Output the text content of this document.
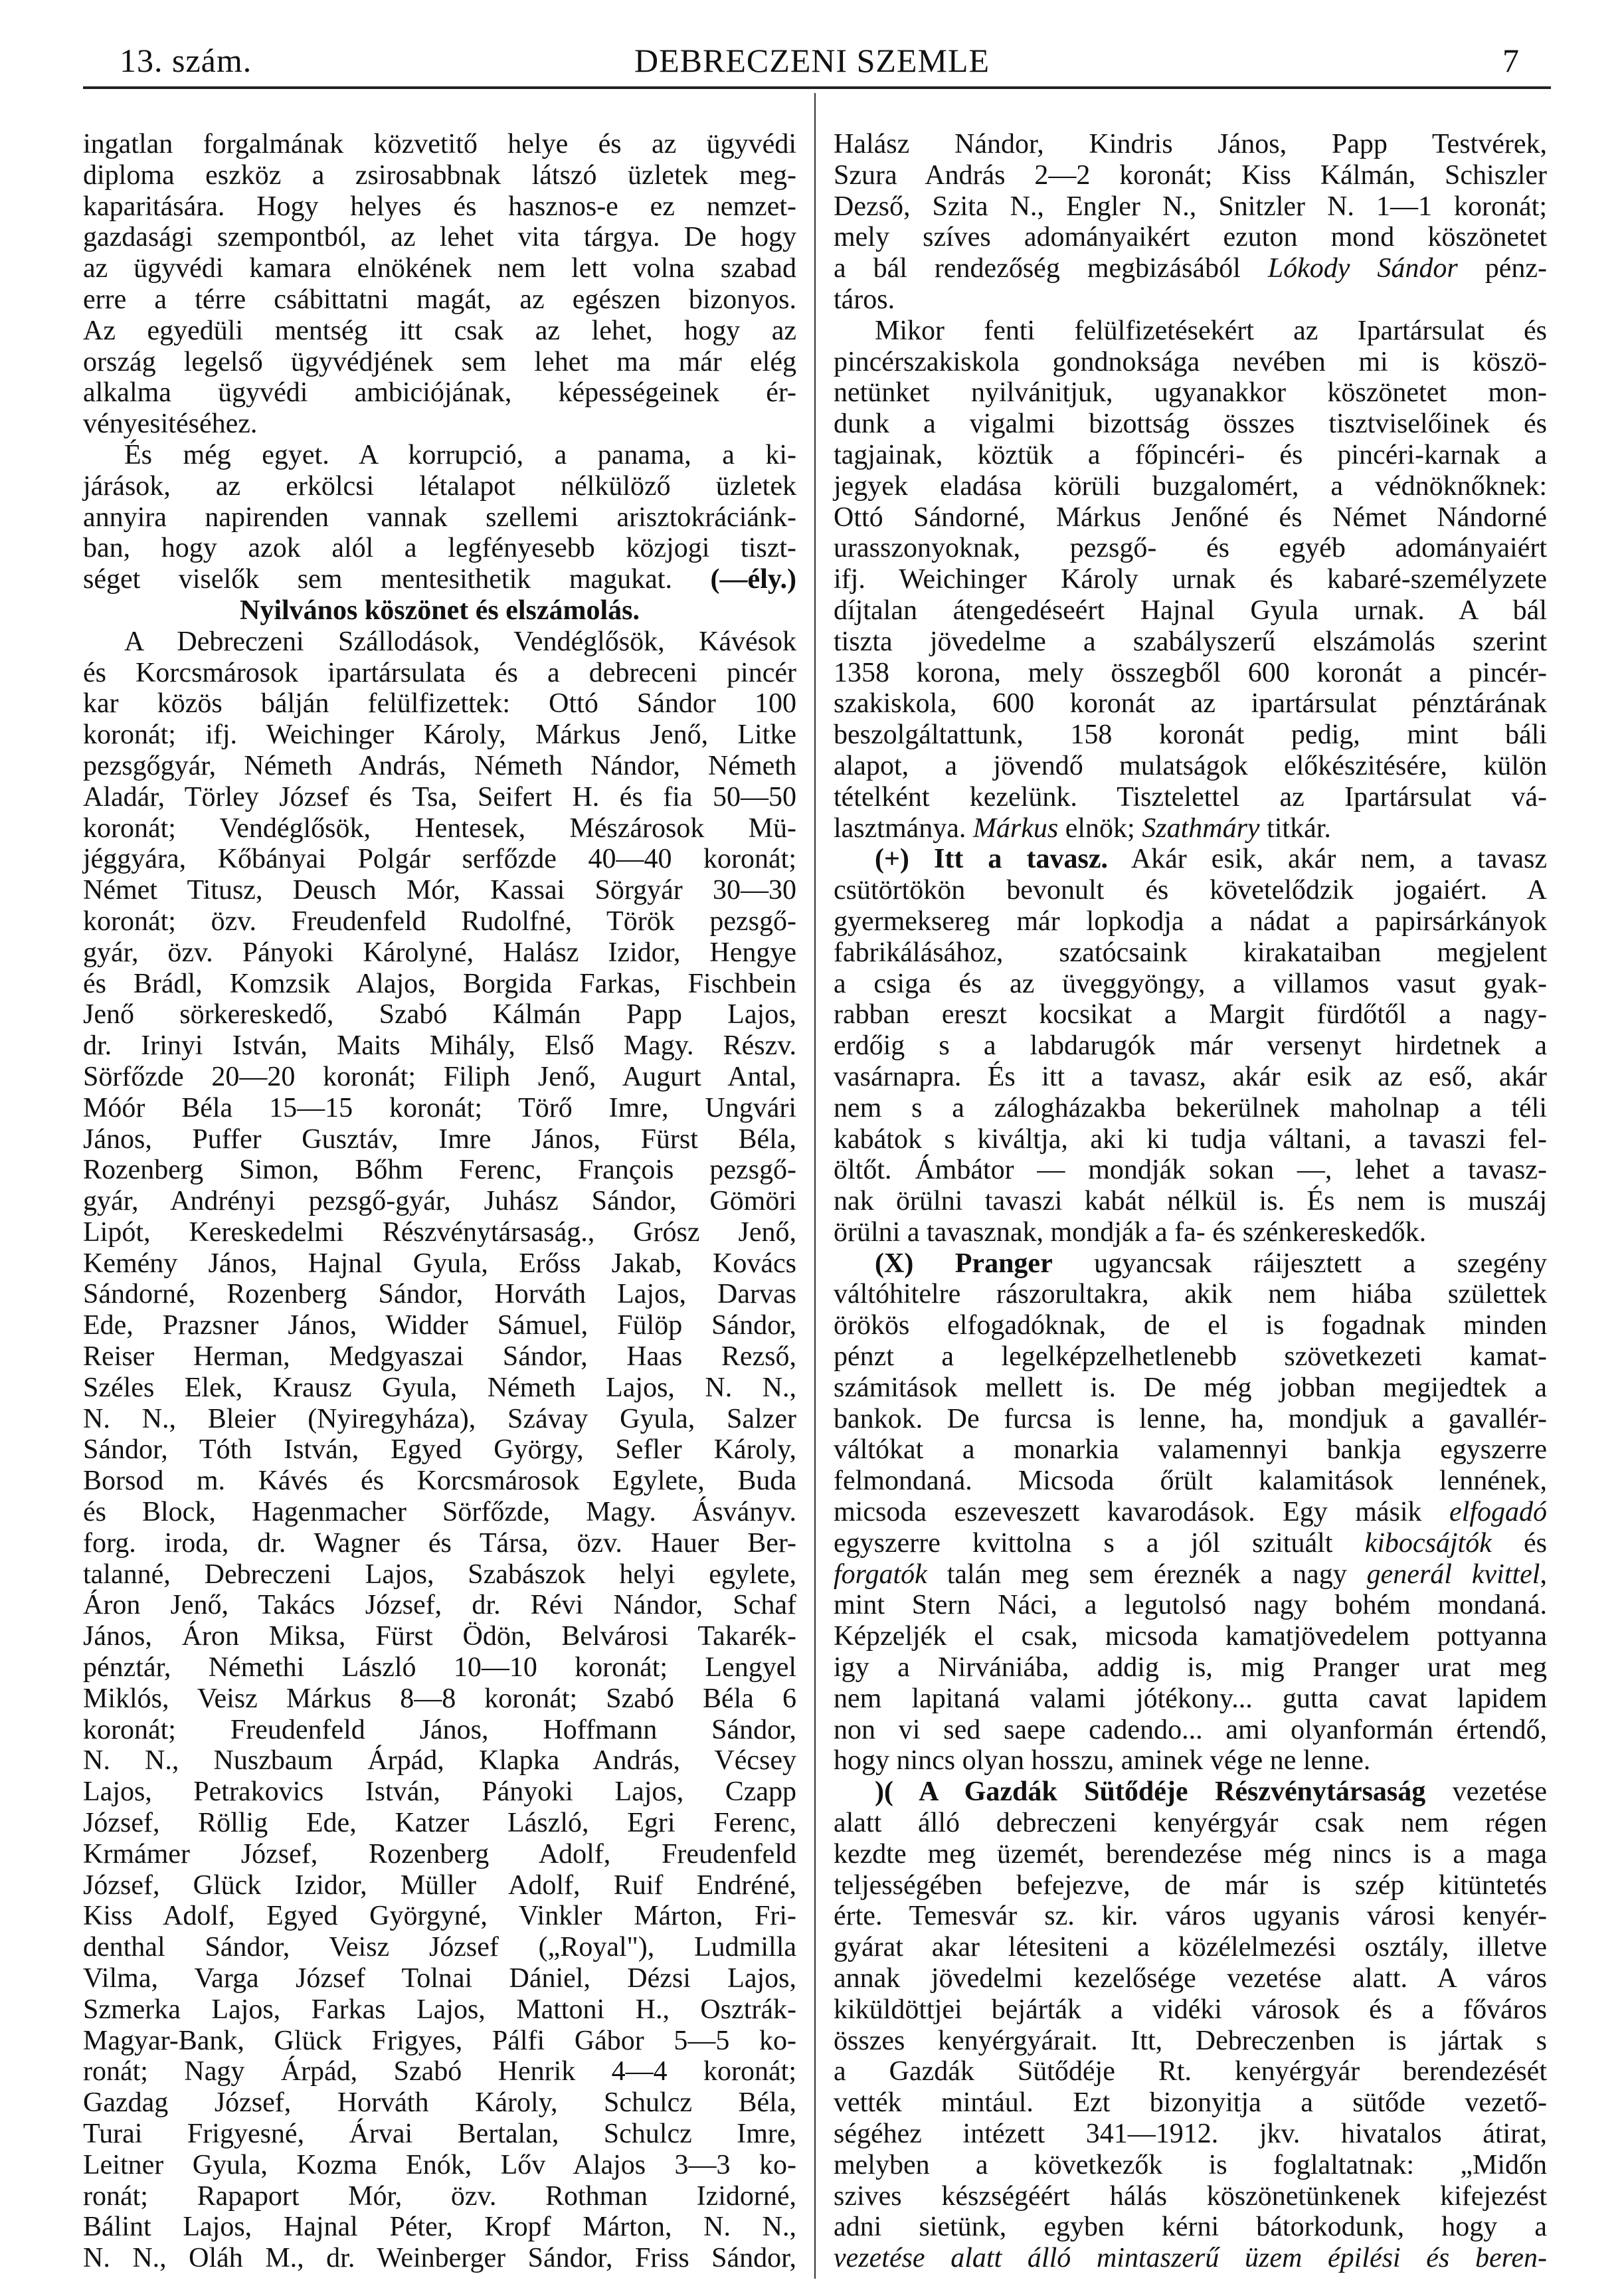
13. szám.	DEBRECZENI SZEMLE	7
ingatlan forgalmának közvetitő helye és az ügyvédi
diploma eszköz a zsirosabbnak látszó üzletek meg-
kaparitására. Hogy helyes és hasznos-e ez nemzet-
gazdasági szempontból, az lehet vita tárgya. De hogy
az ügyvédi kamara elnökének nem lett volna szabad
erre a térre csábittatni magát, az egészen bizonyos.
Az egyedüli mentség itt csak az lehet, hogy az
ország legelső ügyvédjének sem lehet ma már elég
alkalma ügyvédi ambiciójának, képességeinek ér-
vényesitéséhez.
És még egyet. A korrupció, a panama, a ki-
járások, az erkölcsi létalapot nélkülöző üzletek
annyira napirenden vannak szellemi arisztokráciánk-
ban, hogy azok alól a legfényesebb közjogi tiszt-
séget viselők sem mentesithetik magukat. (—ély.)
Nyilvános köszönet és elszámolás.
A Debreczeni Szállodások, Vendéglősök, Kávésok
és Korcsmárosok ipartársulata és a debreceni pincér
kar közös bálján felülfizettek: Ottó Sándor 100
koronát; ifj. Weichinger Károly, Márkus Jenő, Litke
pezsgőgyár, Németh András, Németh Nándor, Németh
Aladár, Törley József és Tsa, Seifert H. és fia 50—50
koronát; Vendéglősök, Hentesek, Mészárosok Mü-
jéggyára, Kőbányai Polgár serfőzde 40—40 koronát;
Német Titusz, Deusch Mór, Kassai Sörgyár 30—30
koronát; özv. Freudenfeld Rudolfné, Török pezsgő-
gyár, özv. Pányoki Károlyné, Halász Izidor, Hengye
és Brádl, Komzsik Alajos, Borgida Farkas, Fischbein
Jenő sörkereskedő, Szabó Kálmán Papp Lajos,
dr. Irinyi István, Maits Mihály, Első Magy. Részv.
Sörfőzde 20—20 koronát; Filiph Jenő, Augurt Antal,
Móór Béla 15—15 koronát; Törő Imre, Ungvári
János, Puffer Gusztáv, Imre János, Fürst Béla,
Rozenberg Simon, Bőhm Ferenc, François pezsgő-
gyár, Andrényi pezsgő-gyár, Juhász Sándor, Gömöri
Lipót, Kereskedelmi Részvénytársaság., Grósz Jenő,
Kemény János, Hajnal Gyula, Erőss Jakab, Kovács
Sándorné, Rozenberg Sándor, Horváth Lajos, Darvas
Ede, Prazsner János, Widder Sámuel, Fülöp Sándor,
Reiser Herman, Medgyaszai Sándor, Haas Rezső,
Széles Elek, Krausz Gyula, Németh Lajos, N. N.,
N. N., Bleier (Nyiregyháza), Szávay Gyula, Salzer
Sándor, Tóth István, Egyed György, Sefler Károly,
Borsod m. Kávés és Korcsmárosok Egylete, Buda
és Block, Hagenmacher Sörfőzde, Magy. Ásványv.
forg. iroda, dr. Wagner és Társa, özv. Hauer Ber-
talanné, Debreczeni Lajos, Szabászok helyi egylete,
Áron Jenő, Takács József, dr. Révi Nándor, Schaf
János, Áron Miksa, Fürst Ödön, Belvárosi Takarék-
pénztár, Némethi László 10—10 koronát; Lengyel
Miklós, Veisz Márkus 8—8 koronát; Szabó Béla 6
koronát; Freudenfeld János, Hoffmann Sándor,
N. N., Nuszbaum Árpád, Klapka András, Vécsey
Lajos, Petrakovics István, Pányoki Lajos, Czapp
József, Röllig Ede, Katzer László, Egri Ferenc,
Krmámer József, Rozenberg Adolf, Freudenfeld
József, Glück Izidor, Müller Adolf, Ruif Endréné,
Kiss Adolf, Egyed Györgyné, Vinkler Márton, Fri-
denthal Sándor, Veisz József („Royal"), Ludmilla
Vilma, Varga József Tolnai Dániel, Dézsi Lajos,
Szmerka Lajos, Farkas Lajos, Mattoni H., Osztrák-
Magyar-Bank, Glück Frigyes, Pálfi Gábor 5—5 ko-
ronát; Nagy Árpád, Szabó Henrik 4—4 koronát;
Gazdag József, Horváth Károly, Schulcz Béla,
Turai Frigyesné, Árvai Bertalan, Schulcz Imre,
Leitner Gyula, Kozma Enók, Lőv Alajos 3—3 ko-
ronát; Rapaport Mór, özv. Rothman Izidorné,
Bálint Lajos, Hajnal Péter, Kropf Márton, N. N.,
N. N., Oláh M., dr. Weinberger Sándor, Friss Sándor,
Halász Nándor, Kindris János, Papp Testvérek,
Szura András 2—2 koronát; Kiss Kálmán, Schiszler
Dezső, Szita N., Engler N., Snitzler N. 1—1 koronát;
mely szíves adományaikért ezuton mond köszönetet
a bál rendezőség megbizásából Lókody Sándor pénz-
táros.
Mikor fenti felülfizetésekért az Ipartársulat és
pincérszakiskola gondnoksága nevében mi is köszö-
netünket nyilvánitjuk, ugyanakkor köszönetet mon-
dunk a vigalmi bizottság összes tisztviselőinek és
tagjainak, köztük a főpincéri- és pincéri-karnak a
jegyek eladása körüli buzgalomért, a védnöknőknek:
Ottó Sándorné, Márkus Jenőné és Német Nándorné
urasszonyoknak, pezsgő- és egyéb adományaiért
ifj. Weichinger Károly urnak és kabaré-személyzete
díjtalan átengedéseért Hajnal Gyula urnak. A bál
tiszta jövedelme a szabályszerű elszámolás szerint
1358 korona, mely összegből 600 koronát a pincér-
szakiskola, 600 koronát az ipartársulat pénztárának
beszolgáltattunk, 158 koronát pedig, mint báli
alapot, a jövendő mulatságok előkészitésére, külön
tételként kezelünk. Tisztelettel az Ipartársulat vá-
lasztmánya. Márkus elnök; Szathmáry titkár.
(+) Itt a tavasz. Akár esik, akár nem, a tavasz
csütörtökön bevonult és követelődzik jogaiért. A
gyermeksereg már lopkodja a nádat a papirsárkányok
fabrikálásához, szatócsaink kirakataiban megjelent
a csiga és az üveggyöngy, a villamos vasut gyak-
rabban ereszt kocsikat a Margit fürdőtől a nagy-
erdőig s a labdarugók már versenyt hirdetnek a
vasárnapra. És itt a tavasz, akár esik az eső, akár
nem s a zálogházakba bekerülnek maholnap a téli
kabátok s kiváltja, aki ki tudja váltani, a tavaszi fel-
öltőt. Ámbátor — mondják sokan —, lehet a tavasz-
nak örülni tavaszi kabát nélkül is. És nem is muszáj
örülni a tavasznak, mondják a fa- és szénkereskedők.
(X) Pranger ugyancsak ráijesztett a szegény
váltóhitelre rászorultakra, akik nem hiába születtek
örökös elfogadóknak, de el is fogadnak minden
pénzt a legelképzelhetlenebb szövetkezeti kamat-
számitások mellett is. De még jobban megijedtek a
bankok. De furcsa is lenne, ha, mondjuk a gavallér-
váltókat a monarkia valamennyi bankja egyszerre
felmondaná. Micsoda őrült kalamitások lennének,
micsoda eszeveszett kavarodások. Egy másik elfogadó
egyszerre kvittolna s a jól szituált kibocsájtók és
forgatók talán meg sem éreznék a nagy generál kvittel,
mint Stern Náci, a legutolsó nagy bohém mondaná.
Képzeljék el csak, micsoda kamatjövedelem pottyanna
igy a Nirvániába, addig is, mig Pranger urat meg
nem lapitaná valami jótékony... gutta cavat lapidem
non vi sed saepe cadendo... ami olyanformán értendő,
hogy nincs olyan hosszu, aminek vége ne lenne.
)( A Gazdák Sütődéje Részvénytársaság vezetése
alatt álló debreczeni kenyérgyár csak nem régen
kezdte meg üzemét, berendezése még nincs is a maga
teljességében befejezve, de már is szép kitüntetés
érte. Temesvár sz. kir. város ugyanis városi kenyér-
gyárat akar létesiteni a közélelmezési osztály, illetve
annak jövedelmi kezelősége vezetése alatt. A város
kiküldöttjei bejárták a vidéki városok és a főváros
összes kenyérgyárait. Itt, Debreczenben is jártak s
a Gazdák Sütődéje Rt. kenyérgyár berendezését
vették mintául. Ezt bizonyitja a sütőde vezető-
ségéhez intézett 341—1912. jkv. hivatalos átirat,
melyben a következők is foglaltatnak: „Midőn
szives készségéért hálás köszönetünkenek kifejezést
adni sietünk, egyben kérni bátorkodunk, hogy a
vezetése alatt álló mintaszerű üzem épilési és beren-
